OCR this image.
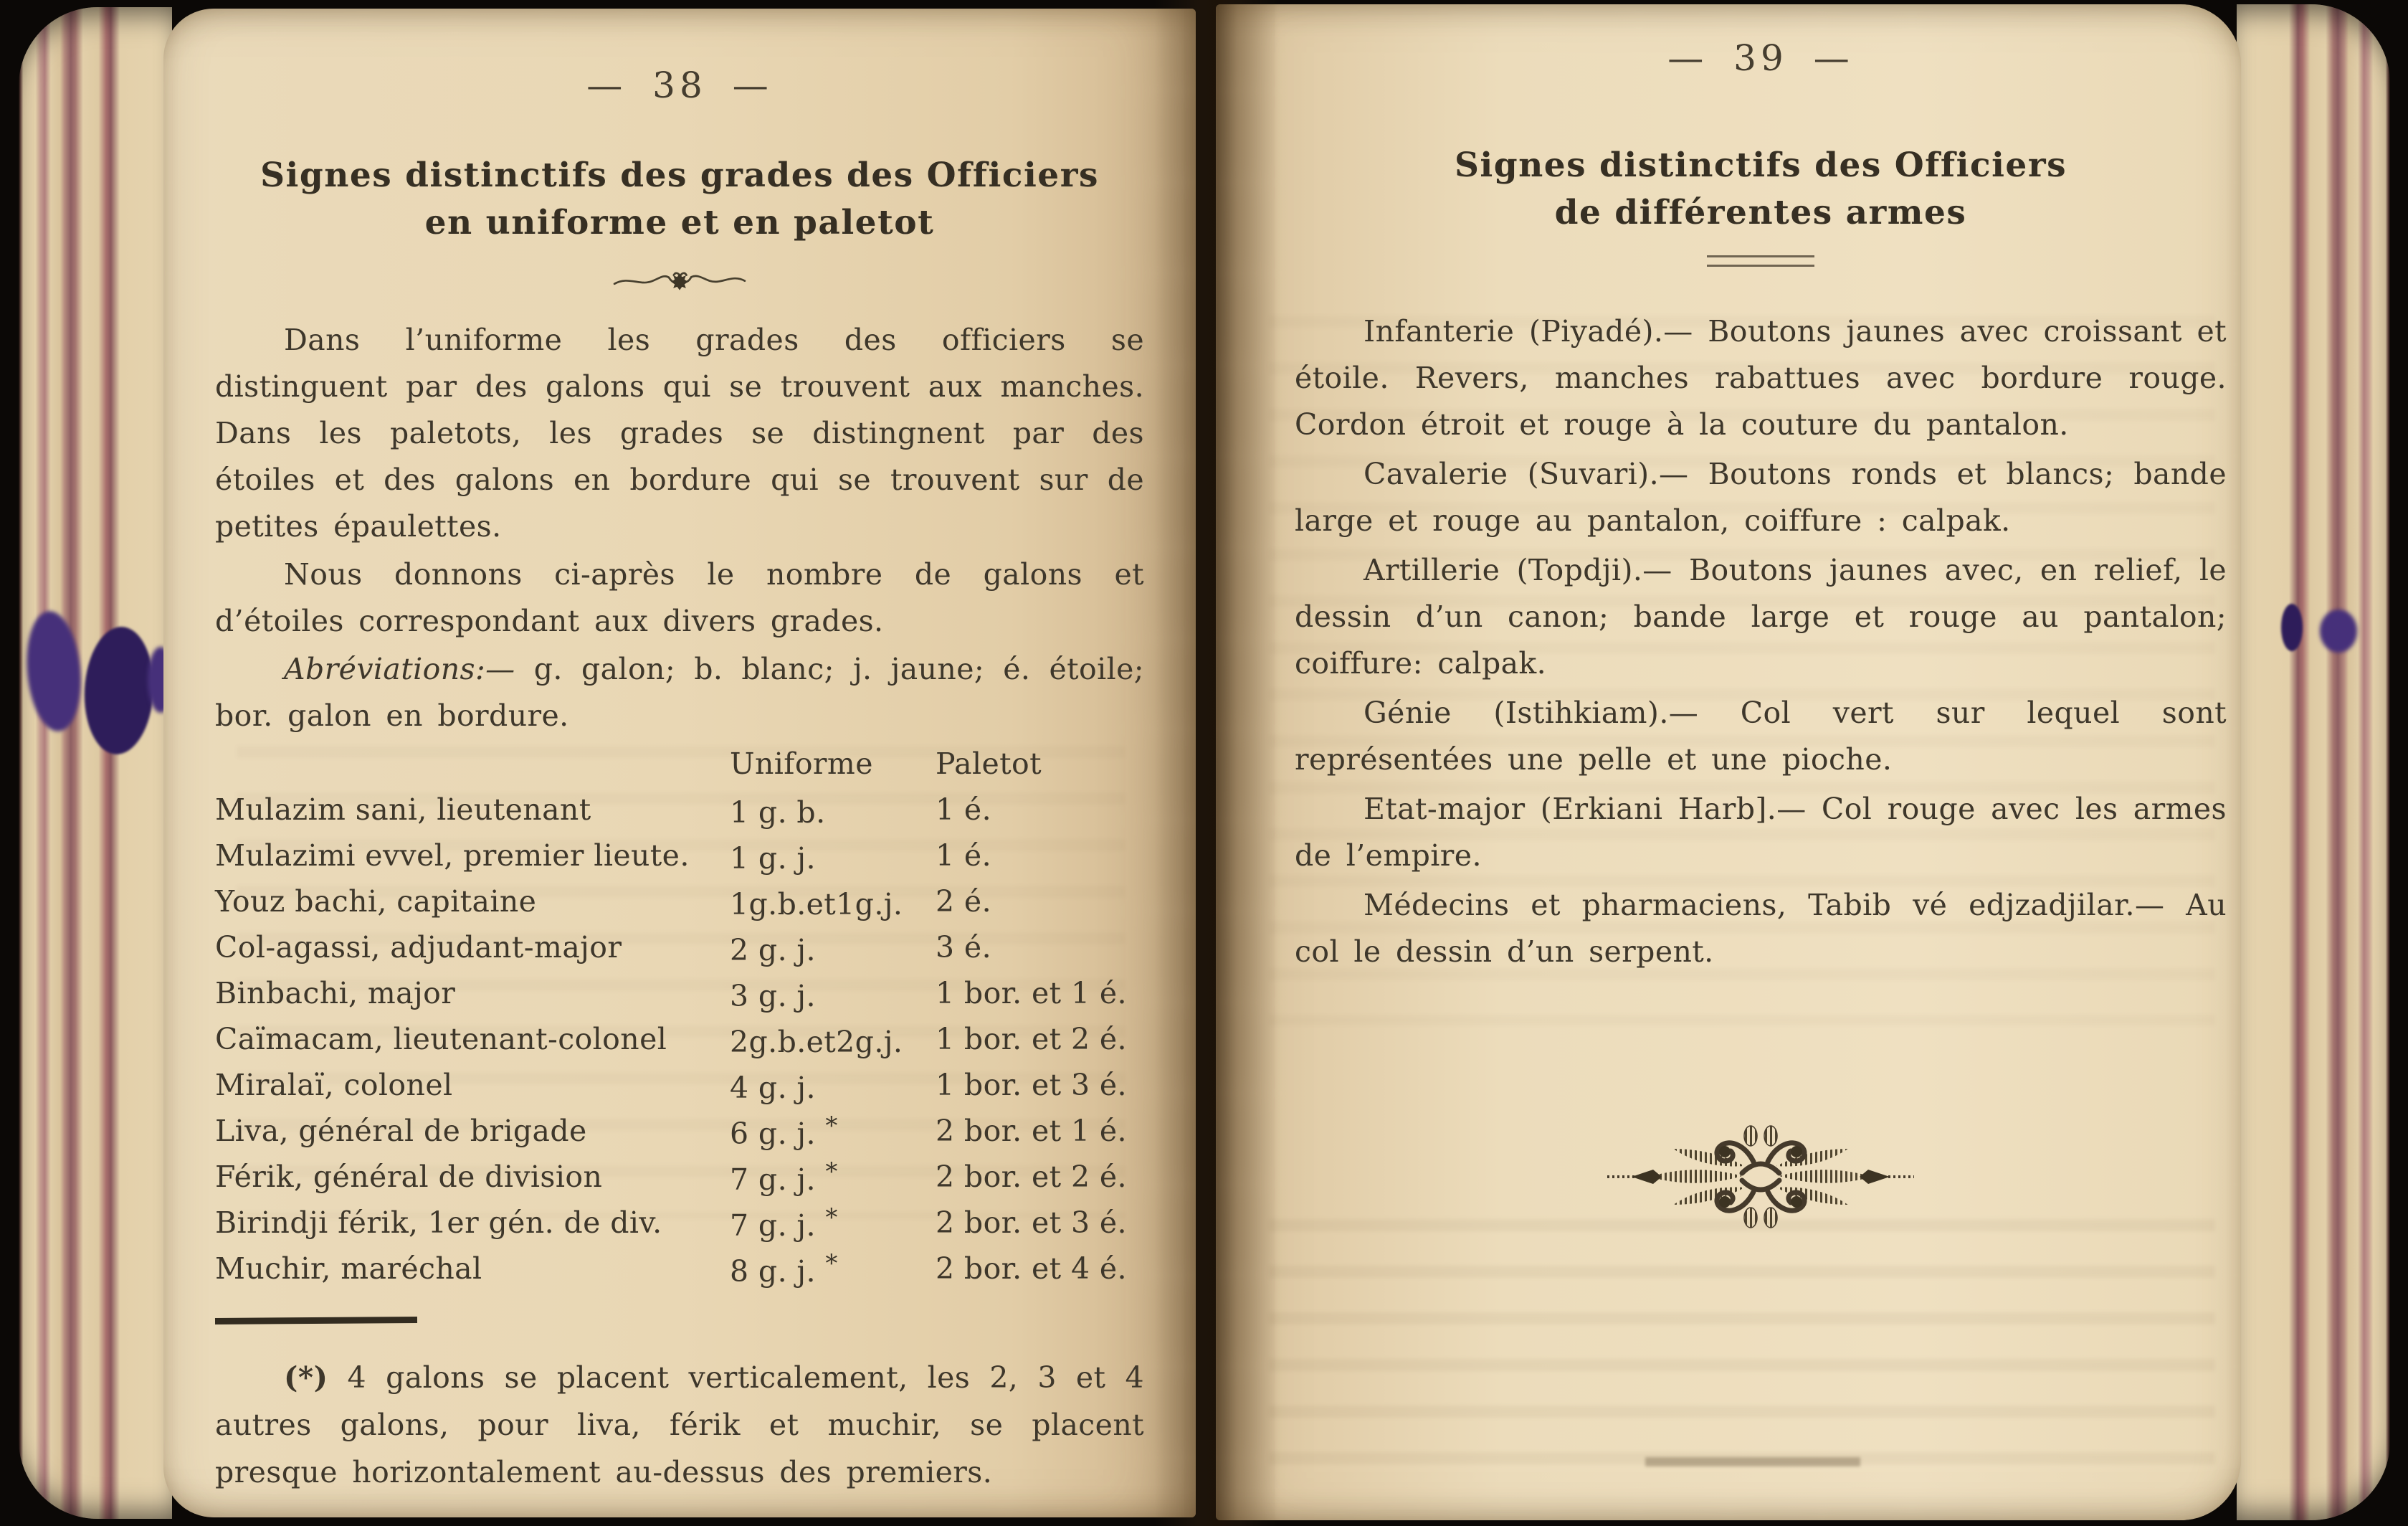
— 38 —
Signes distinctifs des grades des Officiers
en uniforme et en paletot

Dans l’uniforme les grades des officiers se distinguent par des galons qui se trouvent aux manches. Dans les paletots, les grades se distingnent par des étoiles et des galons en bordure qui se trouvent sur de petites épaulettes.

Nous donnons ci-après le nombre de galons et d’étoiles correspondant aux divers grades.

Abréviations:— g. galon; b. blanc; j. jaune; é. étoile; bor. galon en bordure.

	Uniforme	Paletot
Mulazim sani, lieutenant	1 g. b.	1 é.
Mulazimi evvel, premier lieute.	1 g. j.	1 é.
Youz bachi, capitaine	1g.b.et1g.j.	2 é.
Col-agassi, adjudant-major	2 g. j.	3 é.
Binbachi, major	3 g. j.	1 bor. et 1 é.
Caïmacam, lieutenant-colonel	2g.b.et2g.j.	1 bor. et 2 é.
Miralaï, colonel	4 g. j.	1 bor. et 3 é.
Liva, général de brigade	6 g. j. *	2 bor. et 1 é.
Férik, général de division	7 g. j. *	2 bor. et 2 é.
Birindji férik, 1er gén. de div.	7 g. j. *	2 bor. et 3 é.
Muchir, maréchal	8 g. j. *	2 bor. et 4 é.

(*) 4 galons se placent verticalement, les 2, 3 et 4 autres galons, pour liva, férik et muchir, se placent presque horizontalement au-dessus des premiers.

— 39 —
Signes distinctifs des Officiers
de différentes armes

Infanterie (Piyadé).— Boutons jaunes avec croissant et étoile. Revers, manches rabattues avec bordure rouge. Cordon étroit et rouge à la couture du pantalon.

Cavalerie (Suvari).— Boutons ronds et blancs; bande large et rouge au pantalon, coiffure : calpak.

Artillerie (Topdji).— Boutons jaunes avec, en relief, le dessin d’un canon; bande large et rouge au pantalon; coiffure: calpak.

Génie (Istihkiam).— Col vert sur lequel sont représentées une pelle et une pioche.

Etat-major (Erkiani Harb].— Col rouge avec les armes de l’empire.

Médecins et pharmaciens, Tabib vé edjzadjilar.— Au col le dessin d’un serpent.
